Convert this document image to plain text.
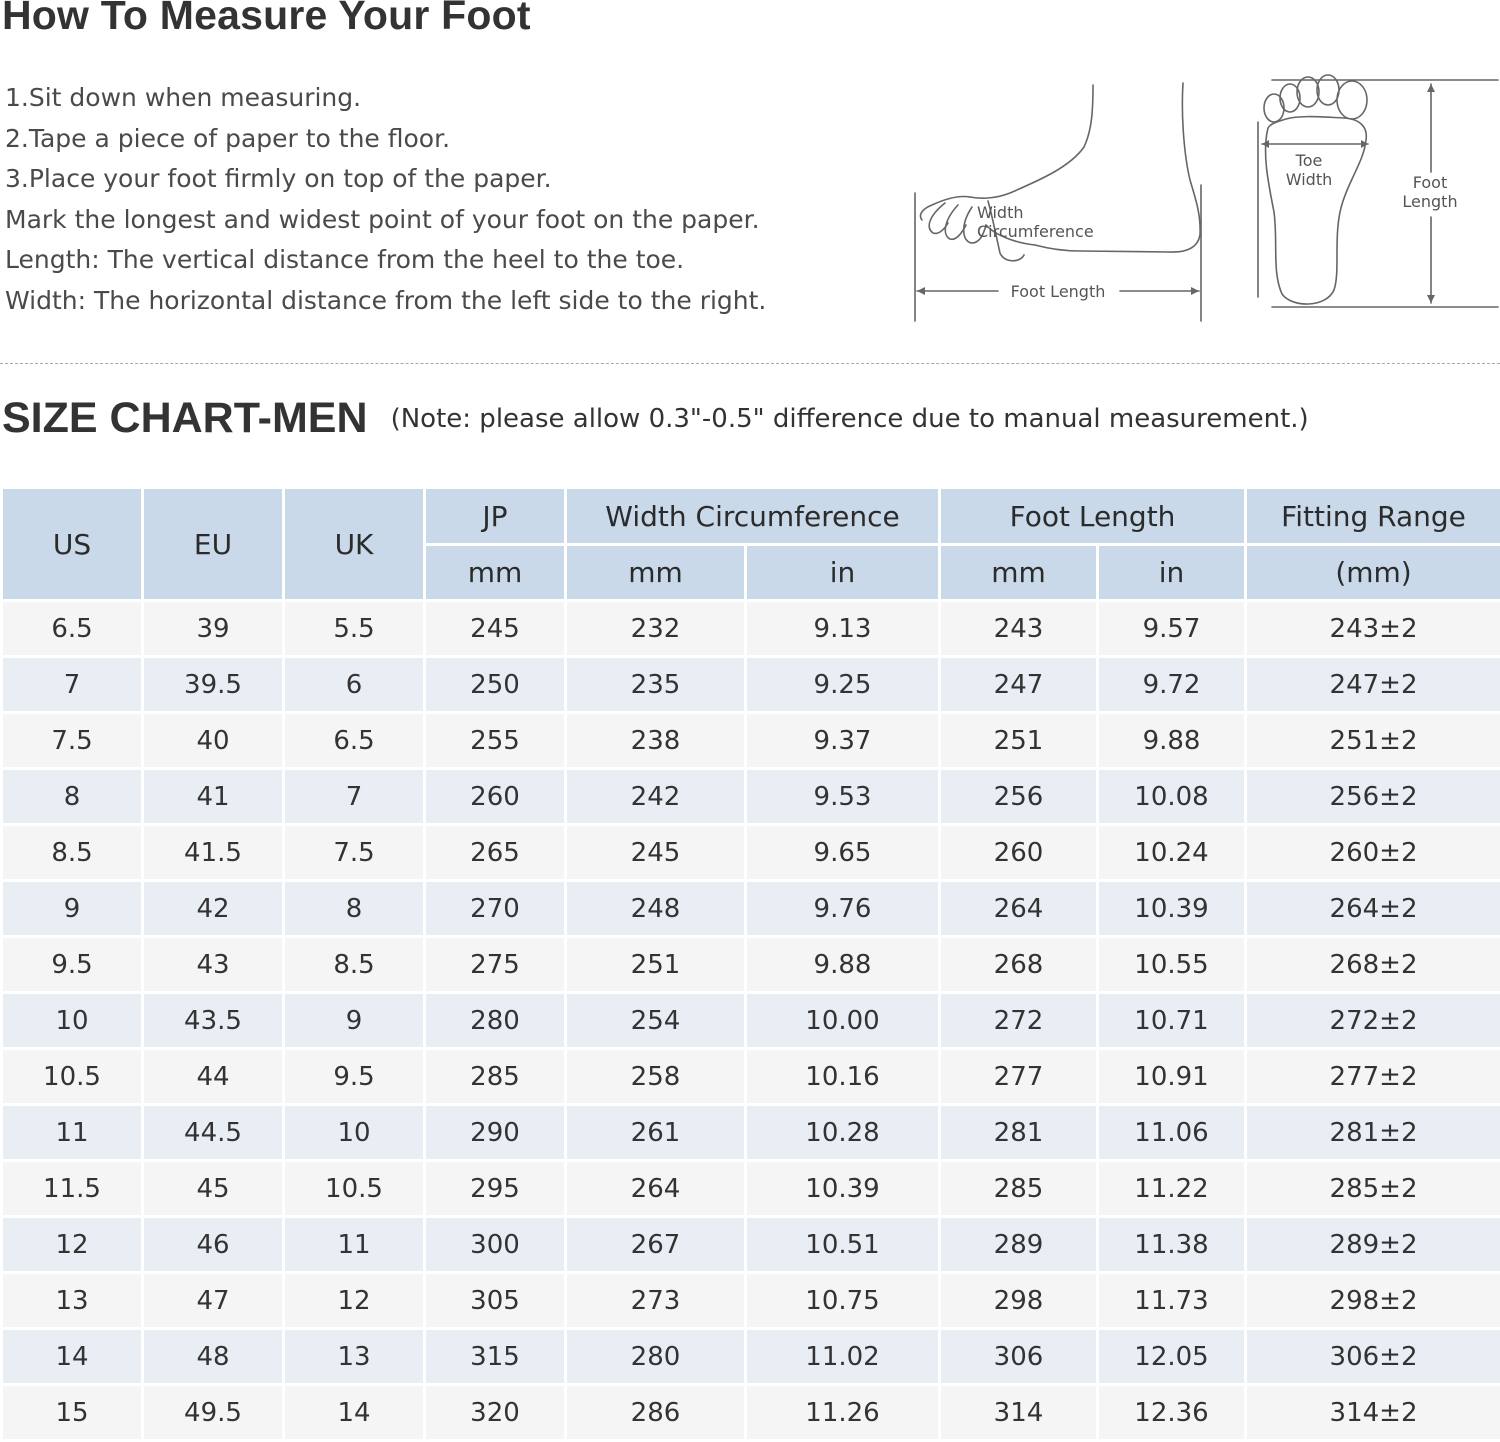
How To Measure Your Foot
1.Sit down when measuring.
2.Tape a piece of paper to the floor.
3.Place your foot firmly on top of the paper.
Mark the longest and widest point of your foot on the paper.
Length: The vertical distance from the heel to the toe.
Width: The horizontal distance from the left side to the right.
Width
Circumference
Foot Length
Toe
Width	Foot
Length
SIZE CHART-MEN (Note: please allow 0.3"-0.5" difference due to manual measurement.)
US	EU	UK	JP	Width Circumference		Foot Length		Fitting Range
			mm	mm	in	mm	in	(mm)
6.5	39	5.5	245	232	9.13	243	9.57	243±2
7	39.5	6	250	235	9.25	247	9.72	247±2
7.5	40	6.5	255	238	9.37	251	9.88	251±2
8	41	7	260	242	9.53	256	10.08	256±2
8.5	41.5	7.5	265	245	9.65	260	10.24	260±2
9	42	8	270	248	9.76	264	10.39	264±2
9.5	43	8.5	275	251	9.88	268	10.55	268±2
10	43.5	9	280	254	10.00	272	10.71	272±2
10.5	44	9.5	285	258	10.16	277	10.91	277±2
11	44.5	10	290	261	10.28	281	11.06	281±2
11.5	45	10.5	295	264	10.39	285	11.22	285±2
12	46	11	300	267	10.51	289	11.38	289±2
13	47	12	305	273	10.75	298	11.73	298±2
14	48	13	315	280	11.02	306	12.05	306±2
15	49.5	14	320	286	11.26	314	12.36	314±2
